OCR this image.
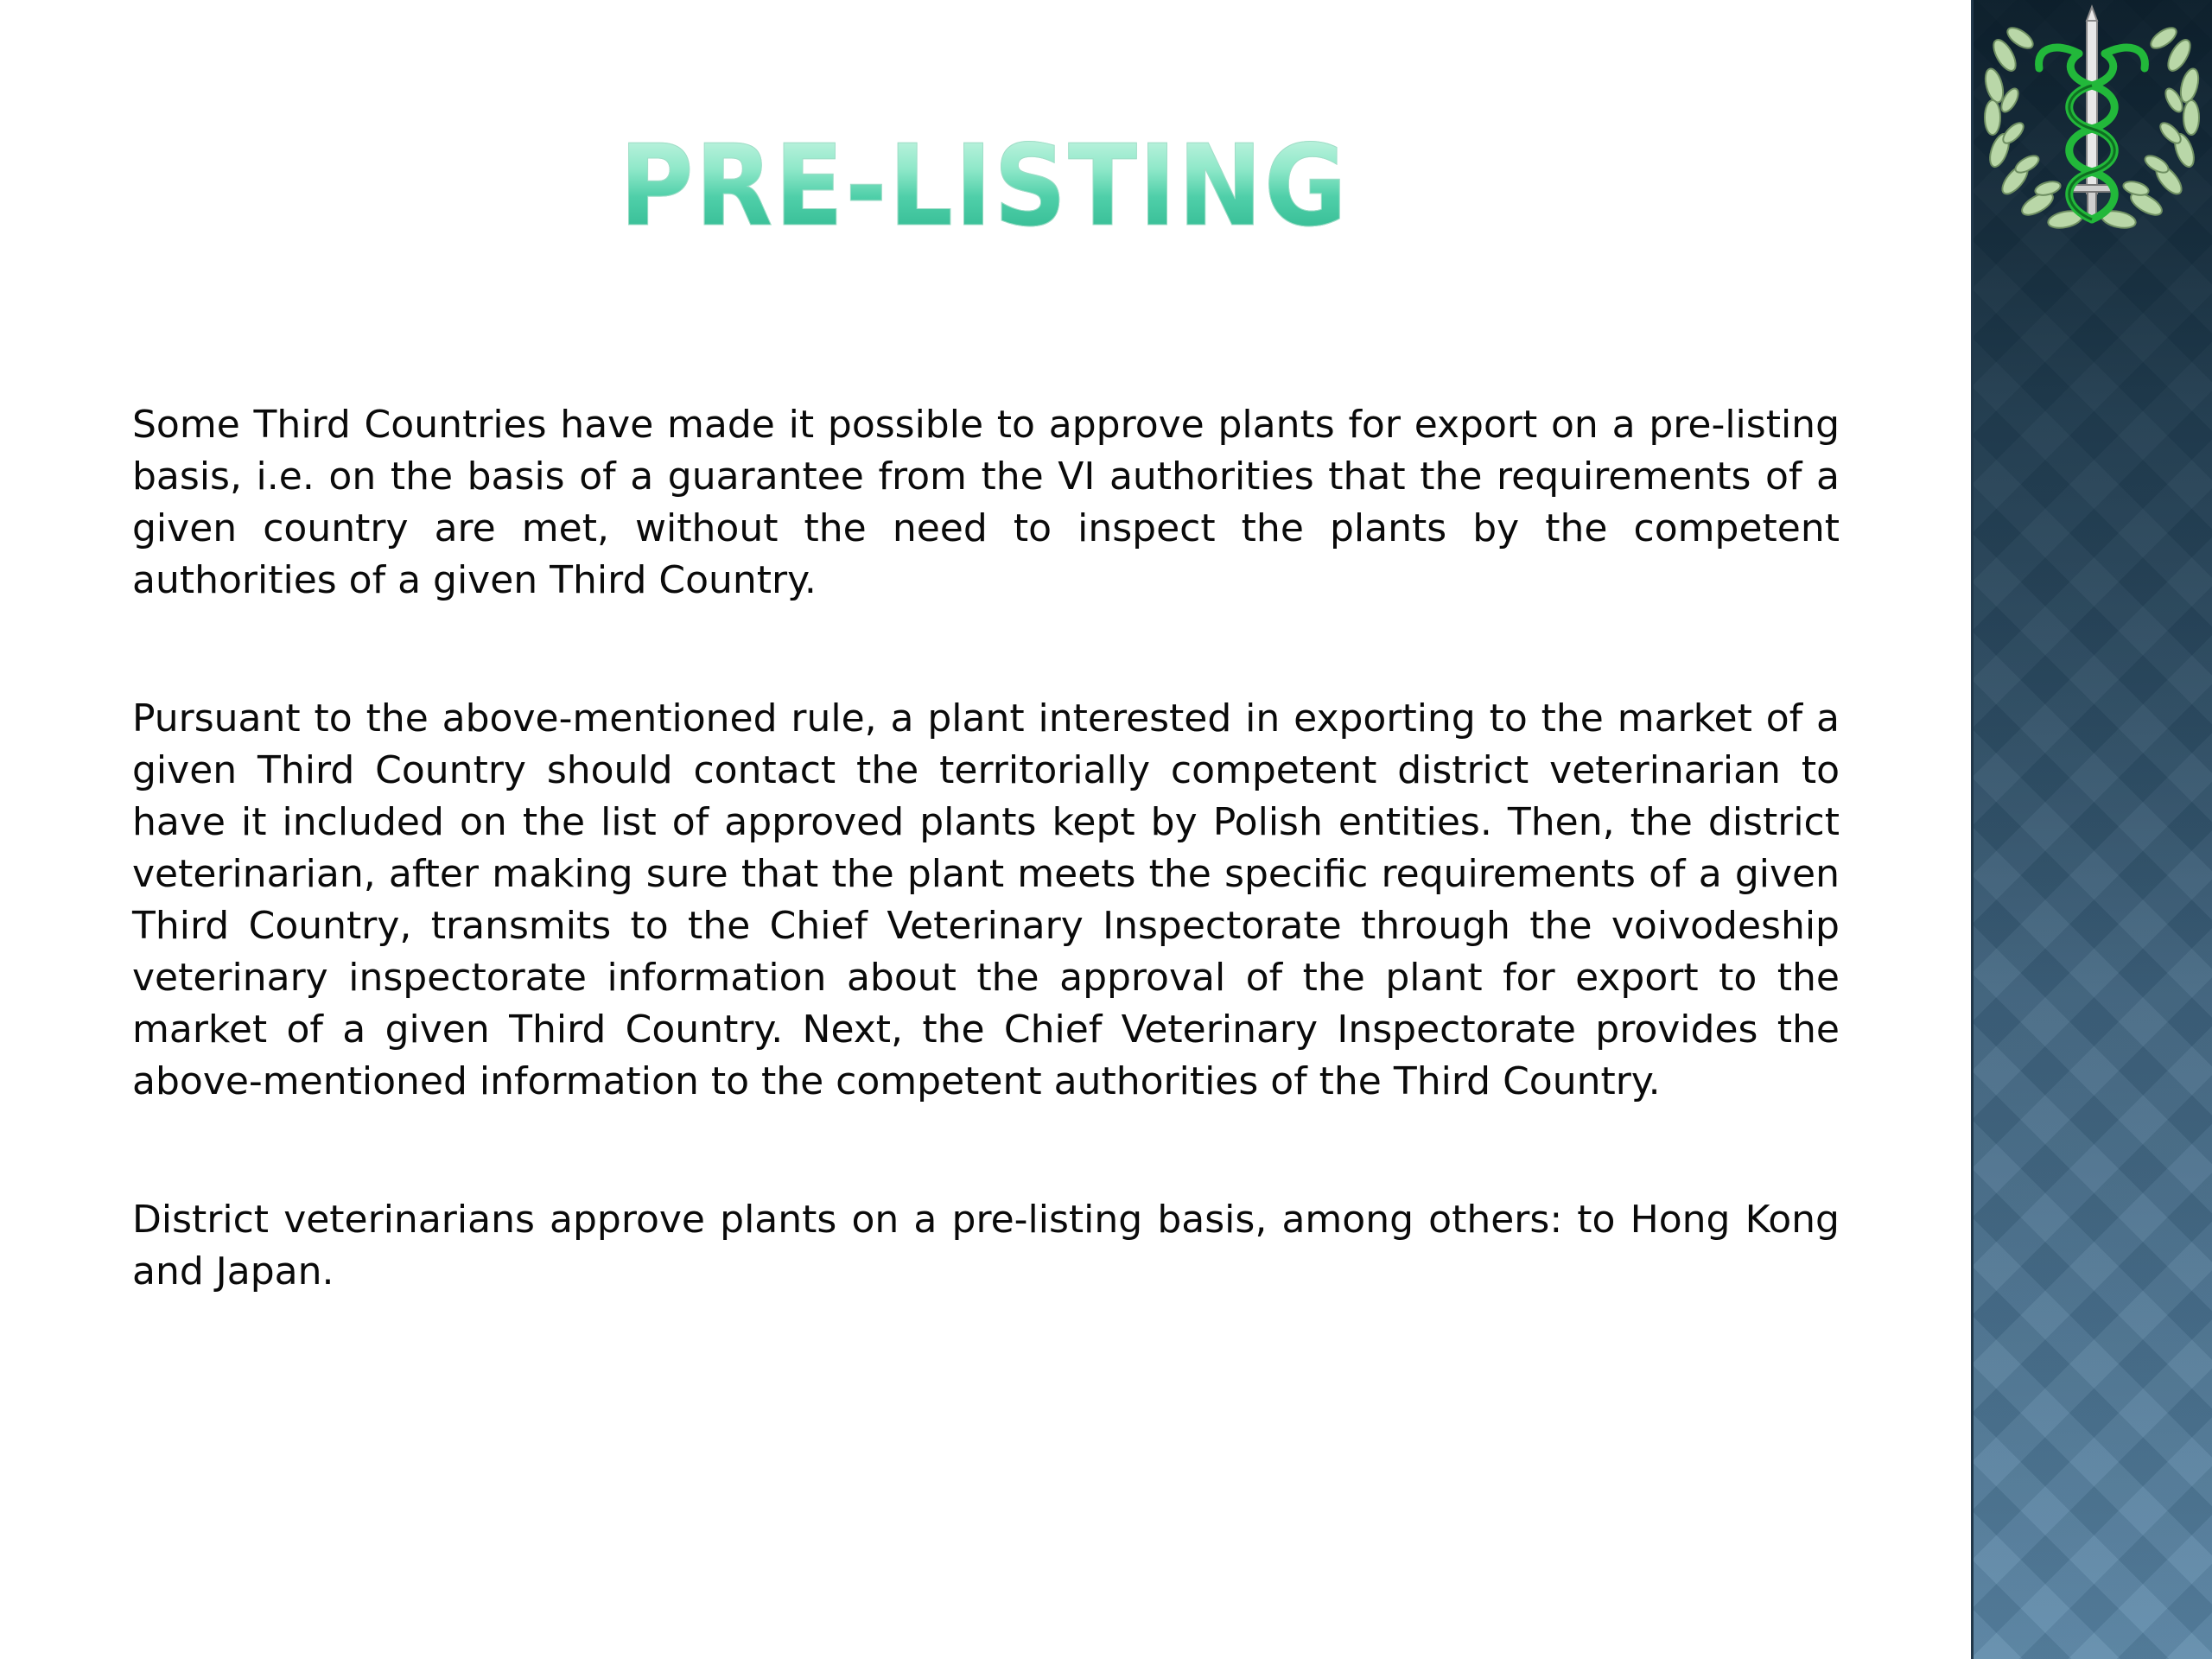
PRE-LISTING

Some Third Countries have made it possible to approve plants for export on a pre-listing basis, i.e. on the basis of a guarantee from the VI authorities that the requirements of a given country are met, without the need to inspect the plants by the competent authorities of a given Third Country.

Pursuant to the above-mentioned rule, a plant interested in exporting to the market of a given Third Country should contact the territorially competent district veterinarian to have it included on the list of approved plants kept by Polish entities. Then, the district veterinarian, after making sure that the plant meets the specific requirements of a given Third Country, transmits to the Chief Veterinary Inspectorate through the voivodeship veterinary inspectorate information about the approval of the plant for export to the market of a given Third Country. Next, the Chief Veterinary Inspectorate provides the above-mentioned information to the competent authorities of the Third Country.

District veterinarians approve plants on a pre-listing basis, among others: to Hong Kong and Japan.
